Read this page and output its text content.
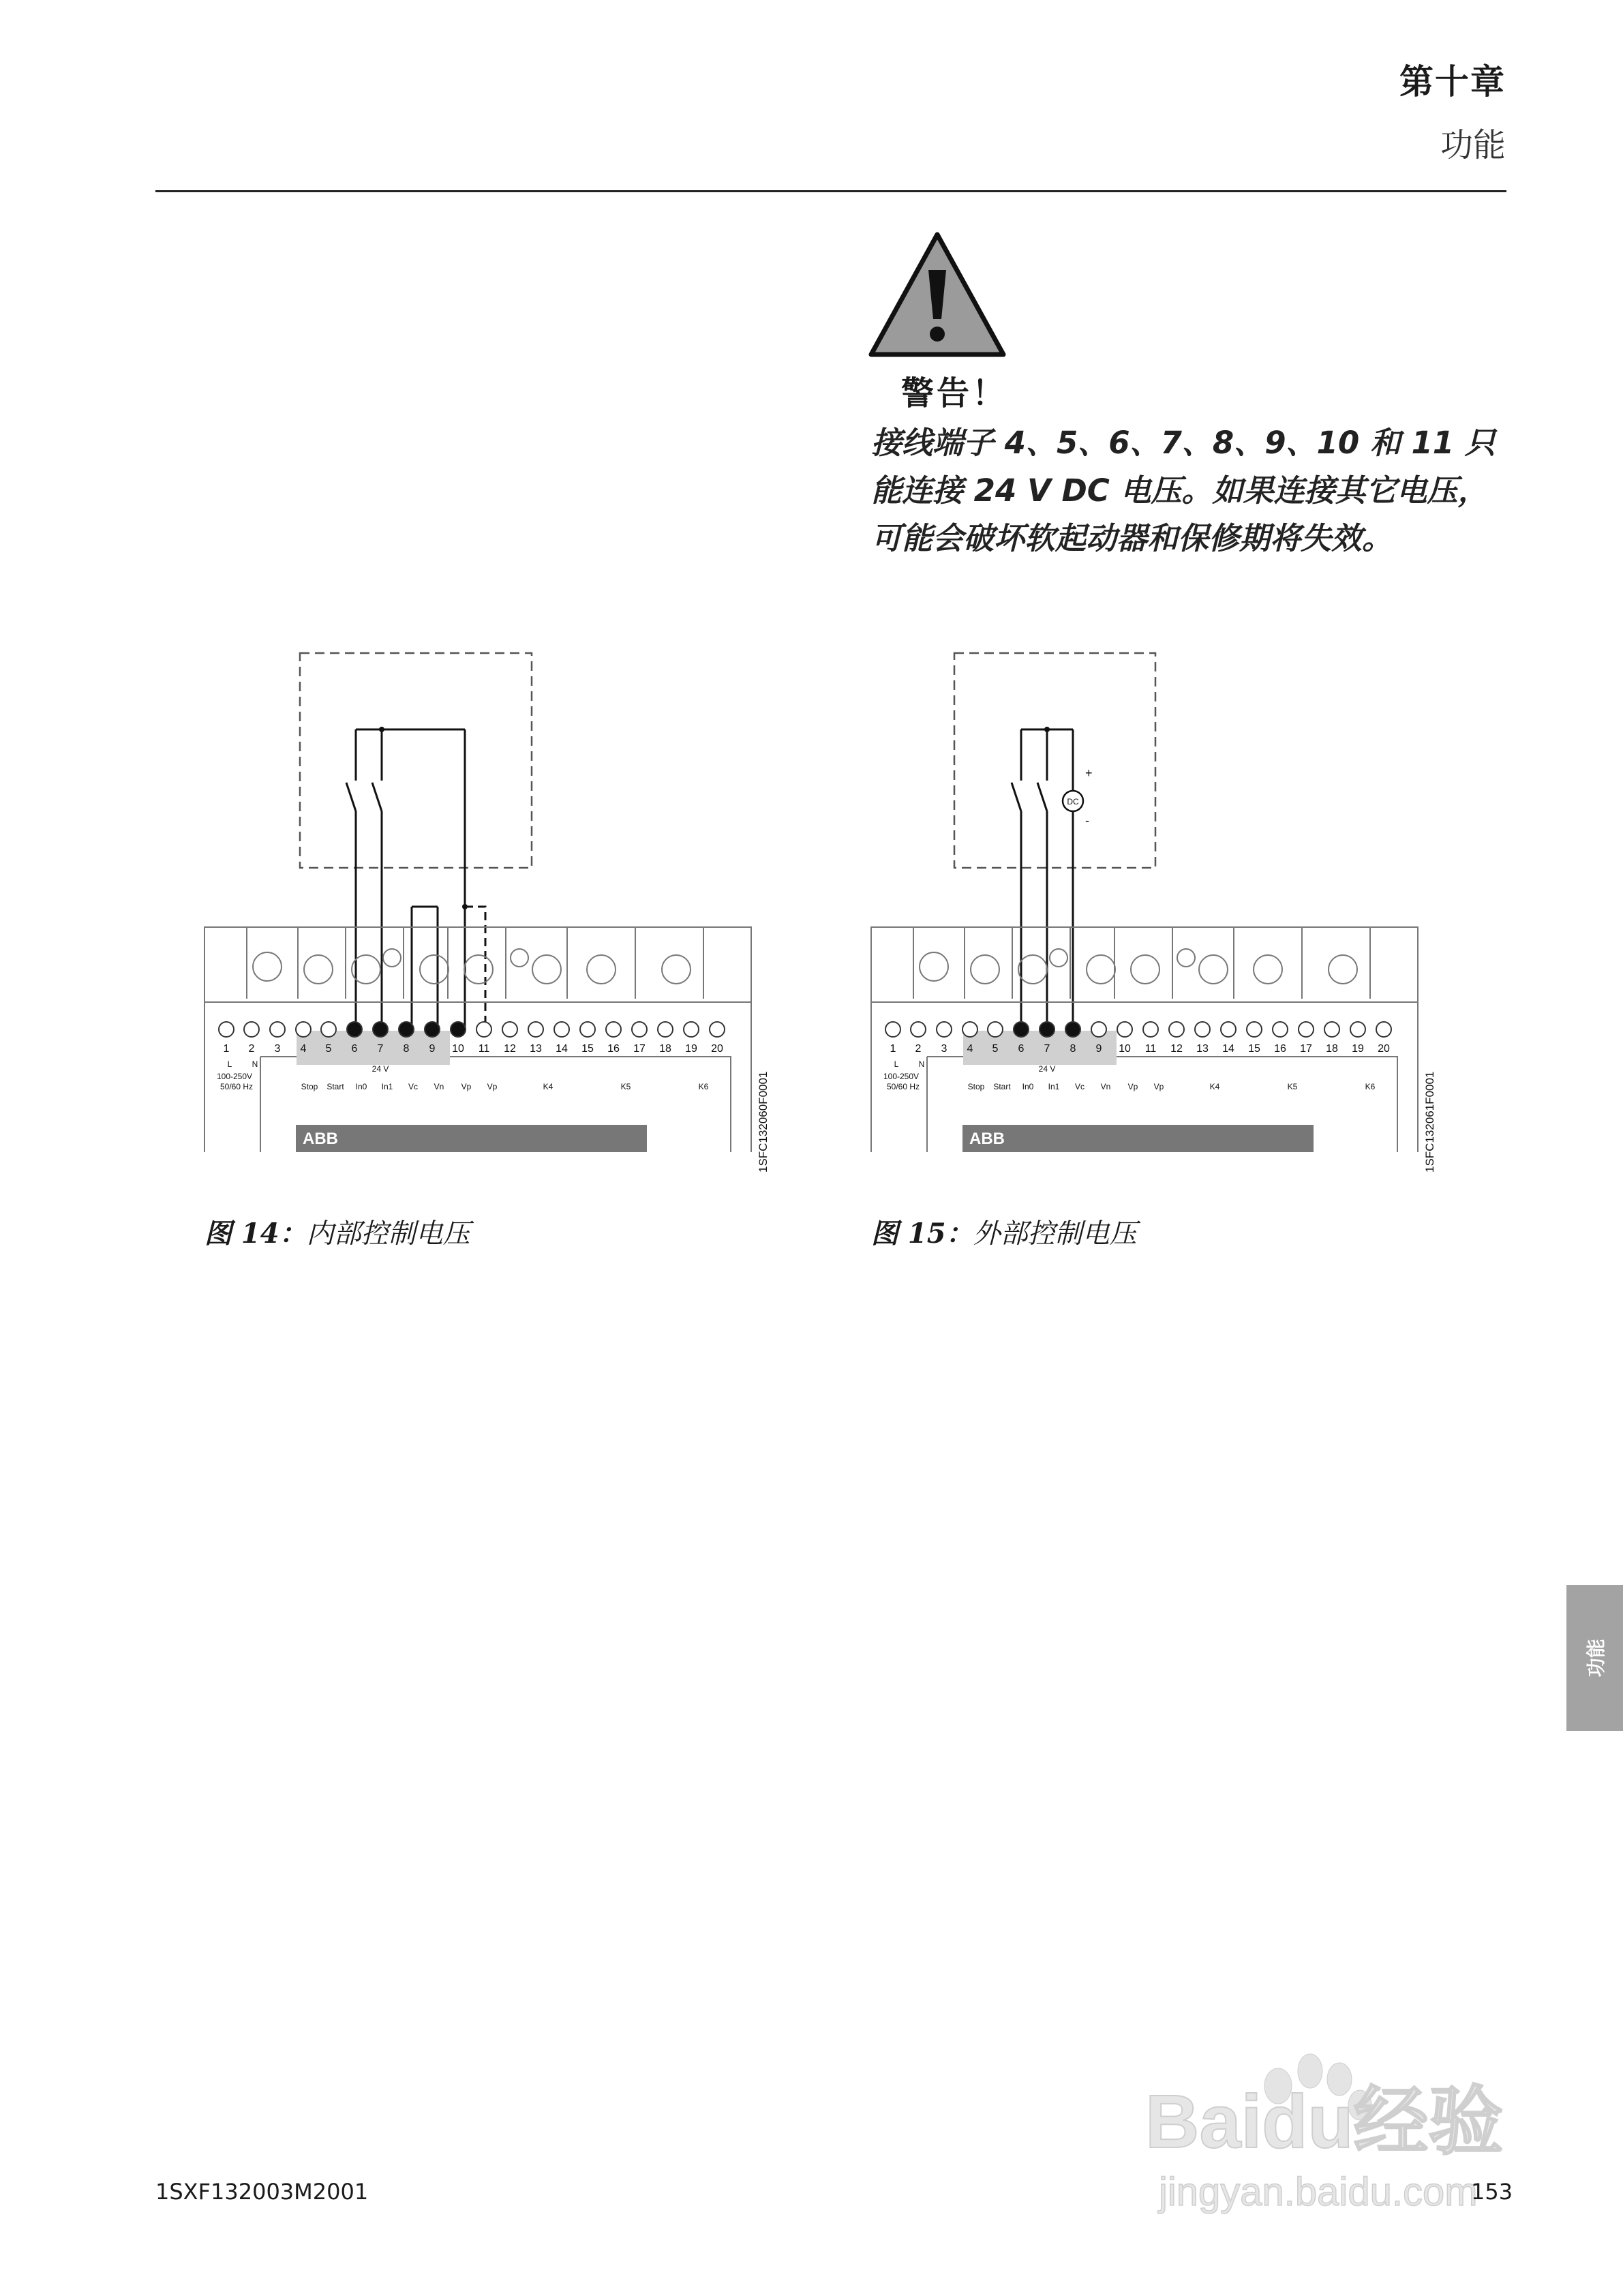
第十章
功能
警告！
接线端子 4、5、6、7、8、9、10 和 11 只能连接 24 V DC 电压。如果连接其它电压，可能会破坏软起动器和保修期将失效。
1 2 3 4 5 6 7 8 9 10 11 12 13 14 15 16 17 18 19 20
L N
100-250V
50/60 Hz
24 V
Stop Start In0 In1 Vc Vn Vp Vp	K4	K5	K6
ABB	1SFC132060F0001
图 14：内部控制电压
DC
+
-
1 2 3 4 5 6 7 8 9 10 11 12 13 14 15 16 17 18 19 20
L N
100-250V
50/60 Hz
24 V
Stop Start In0 In1 Vc Vn Vp Vp	K4	K5	K6
ABB	1SFC132061F0001
图 15：外部控制电压
功能
Baidu经验
jingyan.baidu.com
1SXF132003M2001	153
